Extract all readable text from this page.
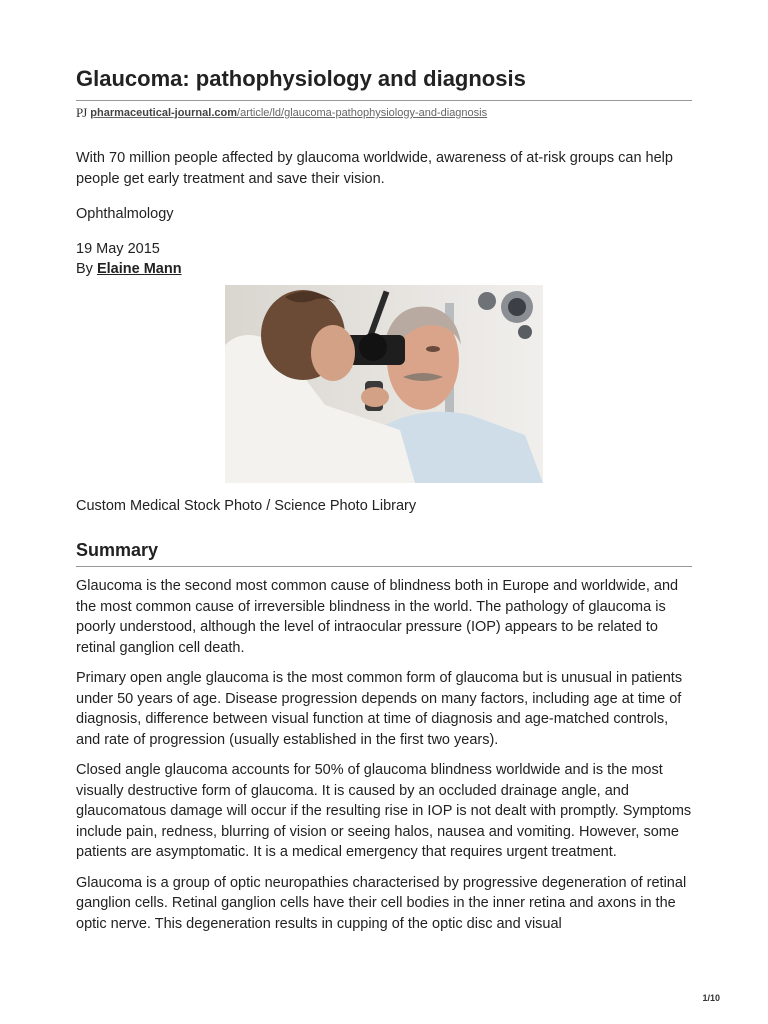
Glaucoma: pathophysiology and diagnosis
PJ pharmaceutical-journal.com/article/ld/glaucoma-pathophysiology-and-diagnosis

With 70 million people affected by glaucoma worldwide, awareness of at-risk groups can help people get early treatment and save their vision.

Ophthalmology

19 May 2015

By Elaine Mann

Custom Medical Stock Photo / Science Photo Library

Summary

Glaucoma is the second most common cause of blindness both in Europe and worldwide, and the most common cause of irreversible blindness in the world. The pathology of glaucoma is poorly understood, although the level of intraocular pressure (IOP) appears to be related to retinal ganglion cell death.

Primary open angle glaucoma is the most common form of glaucoma but is unusual in patients under 50 years of age. Disease progression depends on many factors, including age at time of diagnosis, difference between visual function at time of diagnosis and age-matched controls, and rate of progression (usually established in the first two years).

Closed angle glaucoma accounts for 50% of glaucoma blindness worldwide and is the most visually destructive form of glaucoma. It is caused by an occluded drainage angle, and glaucomatous damage will occur if the resulting rise in IOP is not dealt with promptly. Symptoms include pain, redness, blurring of vision or seeing halos, nausea and vomiting. However, some patients are asymptomatic. It is a medical emergency that requires urgent treatment.

Glaucoma is a group of optic neuropathies characterised by progressive degeneration of retinal ganglion cells. Retinal ganglion cells have their cell bodies in the inner retina and axons in the optic nerve. This degeneration results in cupping of the optic disc and visual

1/10
